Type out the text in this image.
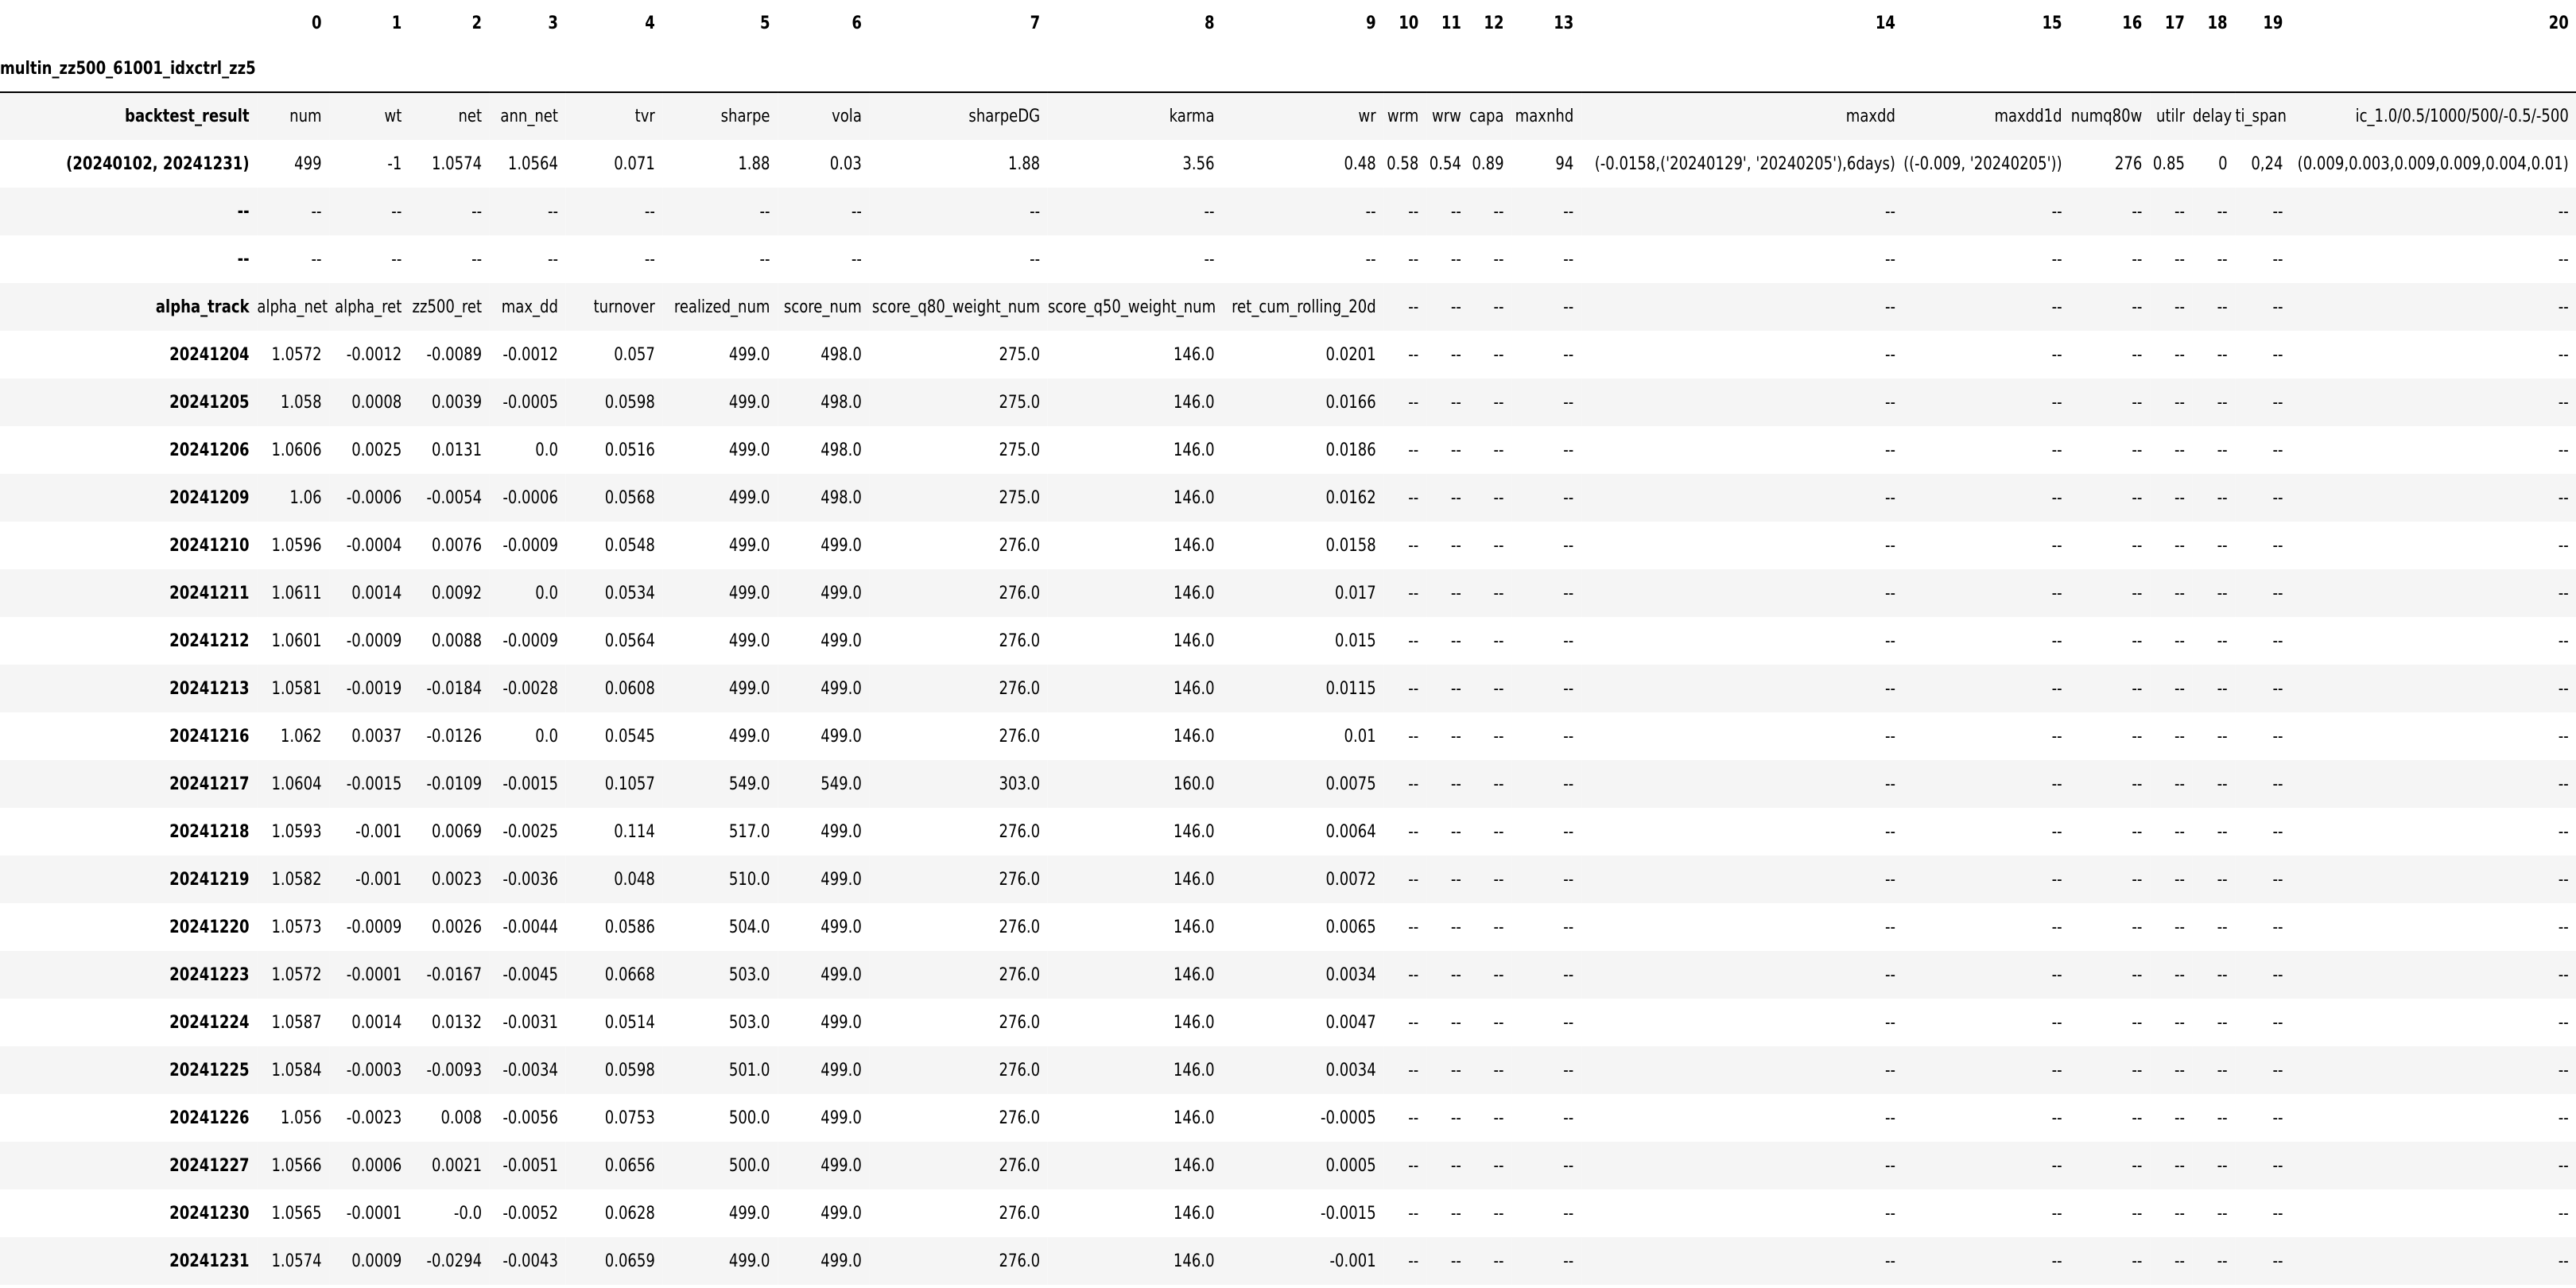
	0	1	2	3	4	5	6	7	8	9	10	11	12	13	14	15	16	17	18	19	20
multin_zz500_61001_idxctrl_zz5																					
backtest_result	num	wt	net	ann_net	tvr	sharpe	vola	sharpeDG	karma	wr	wrm	wrw	capa	maxnhd	maxdd	maxdd1d	numq80w	utilr	delay	ti_span	ic_1.0/0.5/1000/500/-0.5/-500
(20240102, 20241231)	499	-1	1.0574	1.0564	0.071	1.88	0.03	1.88	3.56	0.48	0.58	0.54	0.89	94	(-0.0158,('20240129', '20240205'),6days)	((-0.009, '20240205'))	276	0.85	0	0,24	(0.009,0.003,0.009,0.009,0.004,0.01)
--	--	--	--	--	--	--	--	--	--	--	--	--	--	--	--	--	--	--	--	--	--
--	--	--	--	--	--	--	--	--	--	--	--	--	--	--	--	--	--	--	--	--	--
alpha_track	alpha_net	alpha_ret	zz500_ret	max_dd	turnover	realized_num	score_num	score_q80_weight_num	score_q50_weight_num	ret_cum_rolling_20d	--	--	--	--	--	--	--	--	--	--	--
20241204	1.0572	-0.0012	-0.0089	-0.0012	0.057	499.0	498.0	275.0	146.0	0.0201	--	--	--	--	--	--	--	--	--	--	--
20241205	1.058	0.0008	0.0039	-0.0005	0.0598	499.0	498.0	275.0	146.0	0.0166	--	--	--	--	--	--	--	--	--	--	--
20241206	1.0606	0.0025	0.0131	0.0	0.0516	499.0	498.0	275.0	146.0	0.0186	--	--	--	--	--	--	--	--	--	--	--
20241209	1.06	-0.0006	-0.0054	-0.0006	0.0568	499.0	498.0	275.0	146.0	0.0162	--	--	--	--	--	--	--	--	--	--	--
20241210	1.0596	-0.0004	0.0076	-0.0009	0.0548	499.0	499.0	276.0	146.0	0.0158	--	--	--	--	--	--	--	--	--	--	--
20241211	1.0611	0.0014	0.0092	0.0	0.0534	499.0	499.0	276.0	146.0	0.017	--	--	--	--	--	--	--	--	--	--	--
20241212	1.0601	-0.0009	0.0088	-0.0009	0.0564	499.0	499.0	276.0	146.0	0.015	--	--	--	--	--	--	--	--	--	--	--
20241213	1.0581	-0.0019	-0.0184	-0.0028	0.0608	499.0	499.0	276.0	146.0	0.0115	--	--	--	--	--	--	--	--	--	--	--
20241216	1.062	0.0037	-0.0126	0.0	0.0545	499.0	499.0	276.0	146.0	0.01	--	--	--	--	--	--	--	--	--	--	--
20241217	1.0604	-0.0015	-0.0109	-0.0015	0.1057	549.0	549.0	303.0	160.0	0.0075	--	--	--	--	--	--	--	--	--	--	--
20241218	1.0593	-0.001	0.0069	-0.0025	0.114	517.0	499.0	276.0	146.0	0.0064	--	--	--	--	--	--	--	--	--	--	--
20241219	1.0582	-0.001	0.0023	-0.0036	0.048	510.0	499.0	276.0	146.0	0.0072	--	--	--	--	--	--	--	--	--	--	--
20241220	1.0573	-0.0009	0.0026	-0.0044	0.0586	504.0	499.0	276.0	146.0	0.0065	--	--	--	--	--	--	--	--	--	--	--
20241223	1.0572	-0.0001	-0.0167	-0.0045	0.0668	503.0	499.0	276.0	146.0	0.0034	--	--	--	--	--	--	--	--	--	--	--
20241224	1.0587	0.0014	0.0132	-0.0031	0.0514	503.0	499.0	276.0	146.0	0.0047	--	--	--	--	--	--	--	--	--	--	--
20241225	1.0584	-0.0003	-0.0093	-0.0034	0.0598	501.0	499.0	276.0	146.0	0.0034	--	--	--	--	--	--	--	--	--	--	--
20241226	1.056	-0.0023	0.008	-0.0056	0.0753	500.0	499.0	276.0	146.0	-0.0005	--	--	--	--	--	--	--	--	--	--	--
20241227	1.0566	0.0006	0.0021	-0.0051	0.0656	500.0	499.0	276.0	146.0	0.0005	--	--	--	--	--	--	--	--	--	--	--
20241230	1.0565	-0.0001	-0.0	-0.0052	0.0628	499.0	499.0	276.0	146.0	-0.0015	--	--	--	--	--	--	--	--	--	--	--
20241231	1.0574	0.0009	-0.0294	-0.0043	0.0659	499.0	499.0	276.0	146.0	-0.001	--	--	--	--	--	--	--	--	--	--	--
